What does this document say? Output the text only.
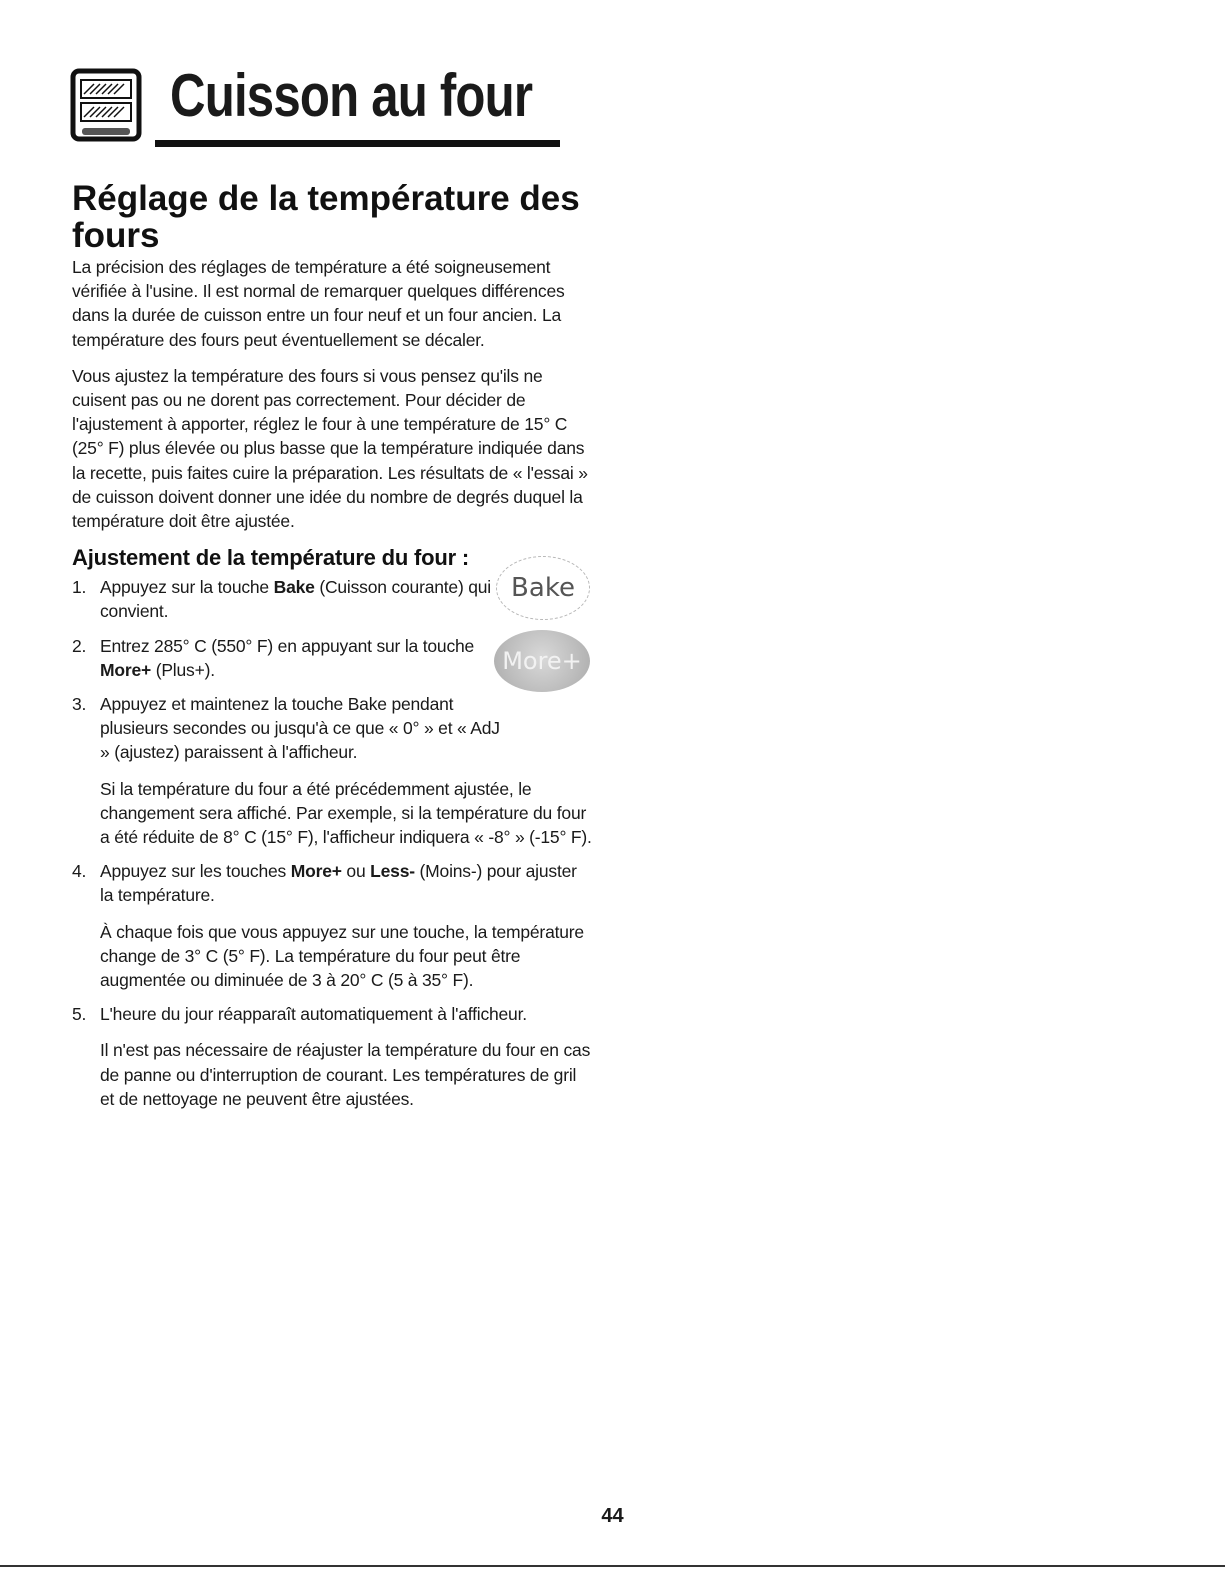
Cuisson au four
Réglage de la température des fours

La précision des réglages de température a été soigneusement vérifiée à l'usine. Il est normal de remarquer quelques différences dans la durée de cuisson entre un four neuf et un four ancien. La température des fours peut éventuellement se décaler.

Vous ajustez la température des fours si vous pensez qu'ils ne cuisent pas ou ne dorent pas correctement. Pour décider de l'ajustement à apporter, réglez le four à une température de 15° C (25° F) plus élevée ou plus basse que la température indiquée dans la recette, puis faites cuire la préparation. Les résultats de « l'essai » de cuisson doivent donner une idée du nombre de degrés duquel la température doit être ajustée.

Ajustement de la température du four :
1. Appuyez sur la touche Bake (Cuisson courante) qui convient.
2. Entrez 285° C (550° F) en appuyant sur la touche More+ (Plus+).
3. Appuyez et maintenez la touche Bake pendant plusieurs secondes ou jusqu'à ce que « 0° » et « AdJ » (ajustez) paraissent à l'afficheur.
Si la température du four a été précédemment ajustée, le changement sera affiché. Par exemple, si la température du four a été réduite de 8° C (15° F), l'afficheur indiquera « -8° » (-15° F).
4. Appuyez sur les touches More+ ou Less- (Moins-) pour ajuster la température.
À chaque fois que vous appuyez sur une touche, la température change de 3° C (5° F). La température du four peut être augmentée ou diminuée de 3 à 20° C (5 à 35° F).
5. L'heure du jour réapparaît automatiquement à l'afficheur.
Il n'est pas nécessaire de réajuster la température du four en cas de panne ou d'interruption de courant. Les températures de gril et de nettoyage ne peuvent être ajustées.
Bake
More+
44
